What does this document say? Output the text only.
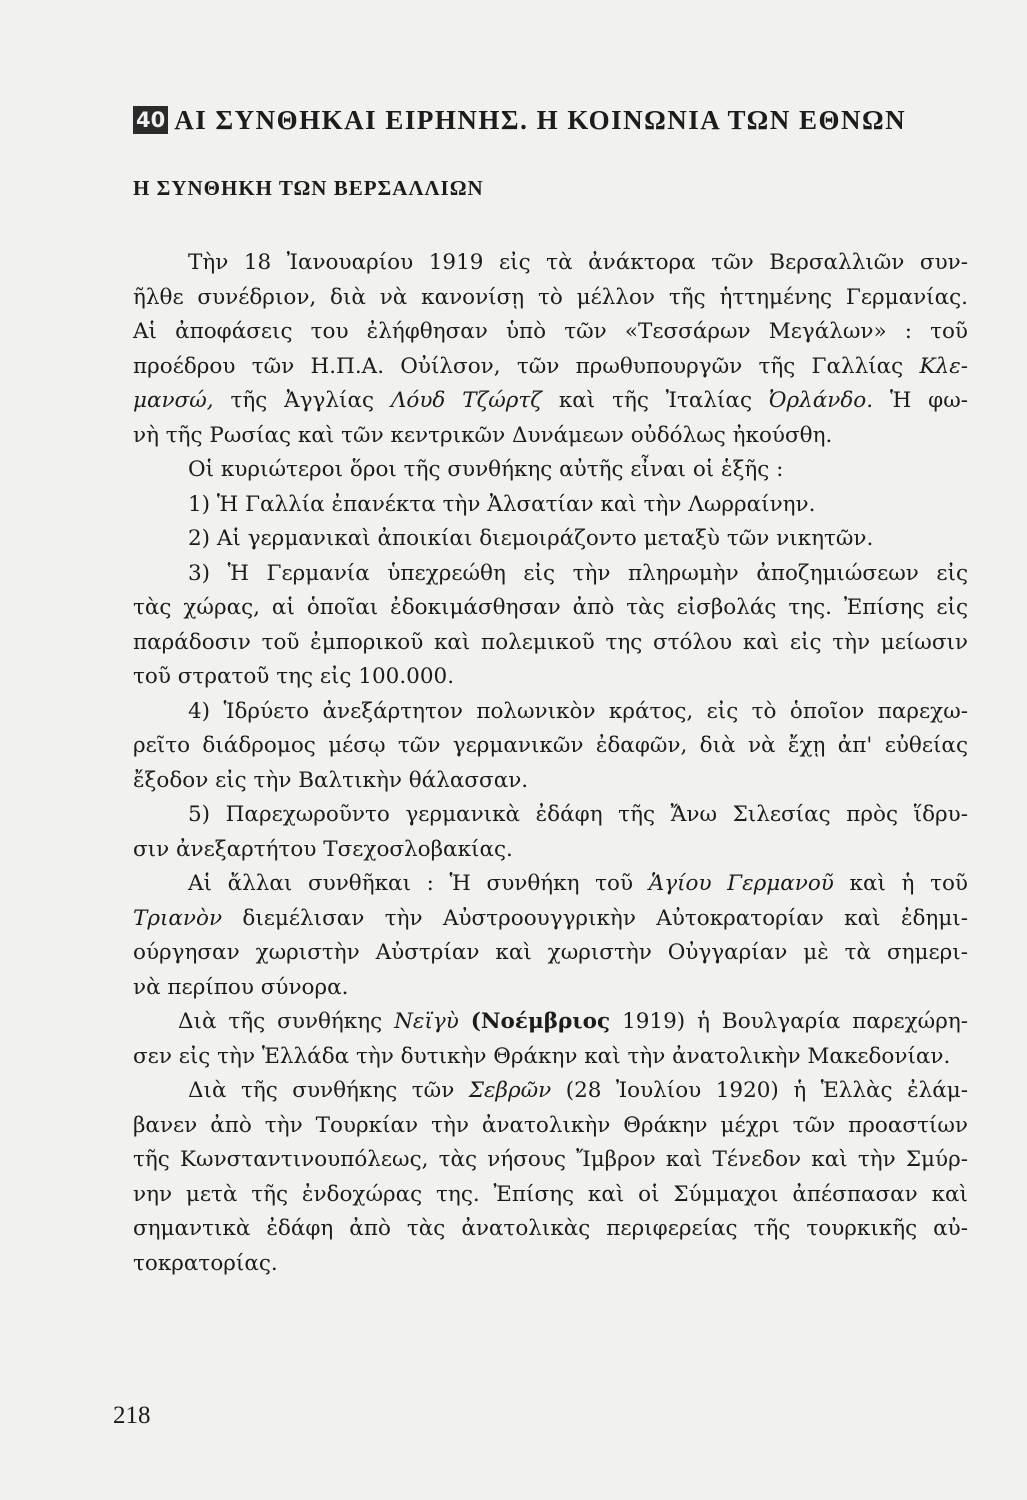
40 ΑΙ ΣΥΝΘΗΚΑΙ ΕΙΡΗΝΗΣ. Η ΚΟΙΝΩΝΙΑ ΤΩΝ ΕΘΝΩΝ
Η ΣΥΝΘΗΚΗ ΤΩΝ ΒΕΡΣΑΛΛΙΩΝ
Τὴν 18 Ἰανουαρίου 1919 εἰς τὰ ἀνάκτορα τῶν Βερσαλλιῶν συν-
ῆλθε συνέδριον, διὰ νὰ κανονίσῃ τὸ μέλλον τῆς ἡττημένης Γερμανίας.
Αἱ ἀποφάσεις του ἐλήφθησαν ὑπὸ τῶν «Τεσσάρων Μεγάλων» : τοῦ
προέδρου τῶν Η.Π.Α. Οὐίλσον, τῶν πρωθυπουργῶν τῆς Γαλλίας Κλε-
μανσώ, τῆς Ἀγγλίας Λόυδ Τζώρτζ καὶ τῆς Ἰταλίας Ὀρλάνδο. Ἡ φω-
νὴ τῆς Ρωσίας καὶ τῶν κεντρικῶν Δυνάμεων οὐδόλως ἠκούσθη.
Οἱ κυριώτεροι ὅροι τῆς συνθήκης αὐτῆς εἶναι οἱ ἑξῆς :
1) Ἡ Γαλλία ἐπανέκτα τὴν Ἀλσατίαν καὶ τὴν Λωρραίνην.
2) Αἱ γερμανικαὶ ἀποικίαι διεμοιράζοντο μεταξὺ τῶν νικητῶν.
3) Ἡ Γερμανία ὑπεχρεώθη εἰς τὴν πληρωμὴν ἀποζημιώσεων εἰς
τὰς χώρας, αἱ ὁποῖαι ἐδοκιμάσθησαν ἀπὸ τὰς εἰσβολάς της. Ἐπίσης εἰς
παράδοσιν τοῦ ἐμπορικοῦ καὶ πολεμικοῦ της στόλου καὶ εἰς τὴν μείωσιν
τοῦ στρατοῦ της εἰς 100.000.
4) Ἱδρύετο ἀνεξάρτητον πολωνικὸν κράτος, εἰς τὸ ὁποῖον παρεχω-
ρεῖτο διάδρομος μέσῳ τῶν γερμανικῶν ἐδαφῶν, διὰ νὰ ἔχῃ ἀπ' εὐθείας
ἔξοδον εἰς τὴν Βαλτικὴν θάλασσαν.
5) Παρεχωροῦντο γερμανικὰ ἐδάφη τῆς Ἄνω Σιλεσίας πρὸς ἵδρυ-
σιν ἀνεξαρτήτου Τσεχοσλοβακίας.
Αἱ ἄλλαι συνθῆκαι : Ἡ συνθήκη τοῦ Ἁγίου Γερμανοῦ καὶ ἡ τοῦ
Τριανὸν διεμέλισαν τὴν Αὐστροουγγρικὴν Αὐτοκρατορίαν καὶ ἐδημι-
ούργησαν χωριστὴν Αὐστρίαν καὶ χωριστὴν Οὐγγαρίαν μὲ τὰ σημερι-
νὰ περίπου σύνορα.
Διὰ τῆς συνθήκης Νεϊγὺ (Νοέμβριος 1919) ἡ Βουλγαρία παρεχώρη-
σεν εἰς τὴν Ἑλλάδα τὴν δυτικὴν Θράκην καὶ τὴν ἀνατολικὴν Μακεδονίαν.
Διὰ τῆς συνθήκης τῶν Σεβρῶν (28 Ἰουλίου 1920) ἡ Ἑλλὰς ἐλάμ-
βανεν ἀπὸ τὴν Τουρκίαν τὴν ἀνατολικὴν Θράκην μέχρι τῶν προαστίων
τῆς Κωνσταντινουπόλεως, τὰς νήσους Ἴμβρον καὶ Τένεδον καὶ τὴν Σμύρ-
νην μετὰ τῆς ἐνδοχώρας της. Ἐπίσης καὶ οἱ Σύμμαχοι ἀπέσπασαν καὶ
σημαντικὰ ἐδάφη ἀπὸ τὰς ἀνατολικὰς περιφερείας τῆς τουρκικῆς αὐ-
τοκρατορίας.
218
